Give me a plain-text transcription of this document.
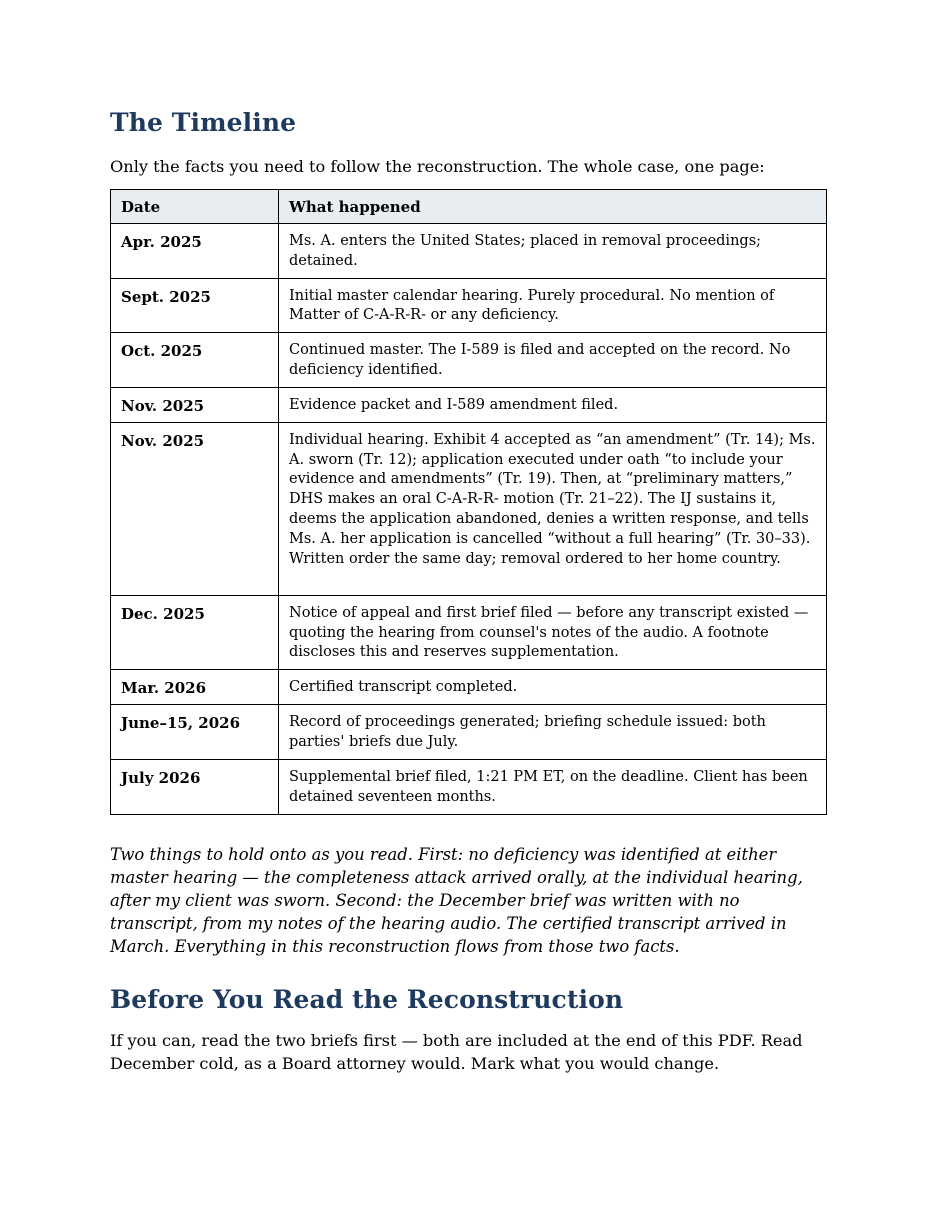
The Timeline

Only the facts you need to follow the reconstruction. The whole case, one page:

Date	What happened
Apr. 2025	Ms. A. enters the United States; placed in removal proceedings; detained.
Sept. 2025	Initial master calendar hearing. Purely procedural. No mention of Matter of C-A-R-R- or any deficiency.
Oct. 2025	Continued master. The I-589 is filed and accepted on the record. No deficiency identified.
Nov. 2025	Evidence packet and I-589 amendment filed.
Nov. 2025	Individual hearing. Exhibit 4 accepted as “an amendment” (Tr. 14); Ms. A. sworn (Tr. 12); application executed under oath “to include your evidence and amendments” (Tr. 19). Then, at “preliminary matters,” DHS makes an oral C-A-R-R- motion (Tr. 21–22). The IJ sustains it, deems the application abandoned, denies a written response, and tells Ms. A. her application is cancelled “without a full hearing” (Tr. 30–33). Written order the same day; removal ordered to her home country.
Dec. 2025	Notice of appeal and first brief filed — before any transcript existed — quoting the hearing from counsel's notes of the audio. A footnote discloses this and reserves supplementation.
Mar. 2026	Certified transcript completed.
June–15, 2026	Record of proceedings generated; briefing schedule issued: both parties' briefs due July.
July 2026	Supplemental brief filed, 1:21 PM ET, on the deadline. Client has been detained seventeen months.

Two things to hold onto as you read. First: no deficiency was identified at either master hearing — the completeness attack arrived orally, at the individual hearing, after my client was sworn. Second: the December brief was written with no transcript, from my notes of the hearing audio. The certified transcript arrived in March. Everything in this reconstruction flows from those two facts.

Before You Read the Reconstruction

If you can, read the two briefs first — both are included at the end of this PDF. Read December cold, as a Board attorney would. Mark what you would change.
